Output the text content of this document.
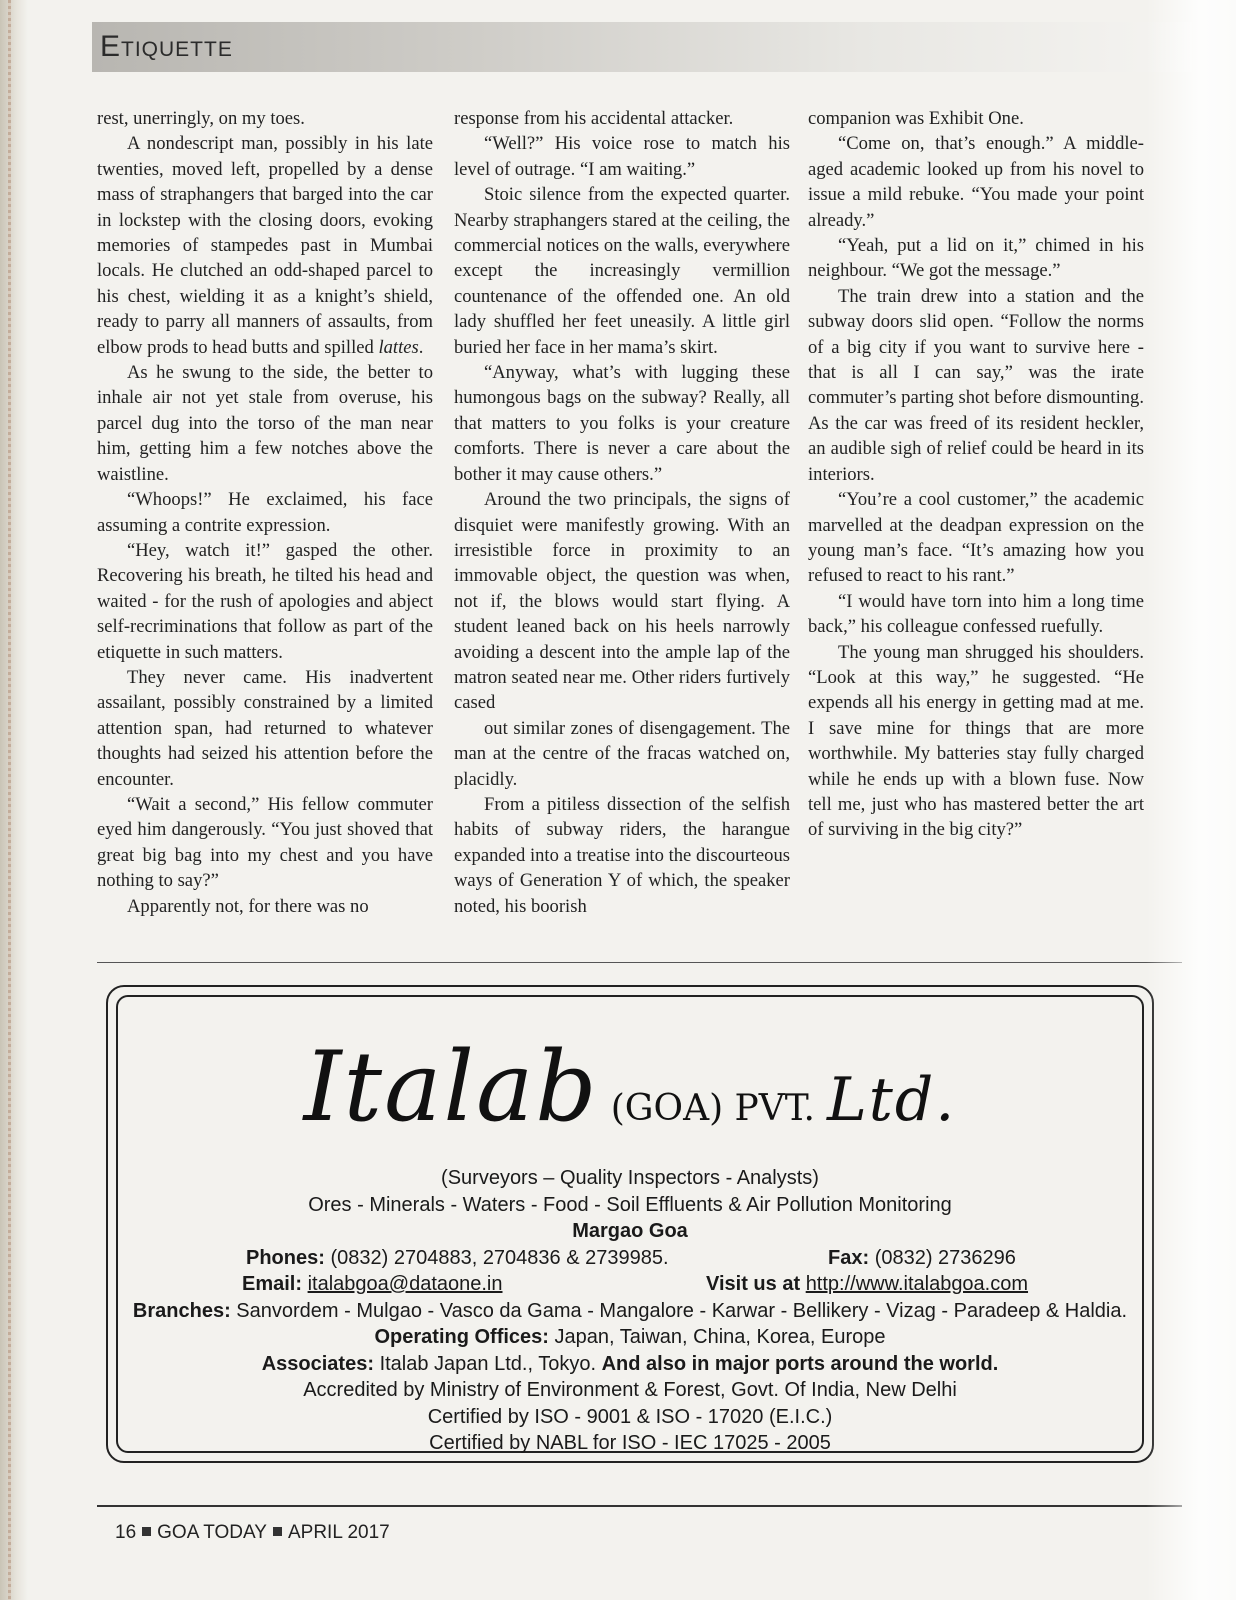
Etiquette

rest, unerringly, on my toes.

A nondescript man, possibly in his late twenties, moved left, propelled by a dense mass of straphangers that barged into the car in lockstep with the closing doors, evoking memories of stampedes past in Mumbai locals. He clutched an odd-shaped parcel to his chest, wielding it as a knight’s shield, ready to parry all manners of assaults, from elbow prods to head butts and spilled lattes.

As he swung to the side, the better to inhale air not yet stale from overuse, his parcel dug into the torso of the man near him, getting him a few notches above the waistline.

“Whoops!” He exclaimed, his face assuming a contrite expression.

“Hey, watch it!” gasped the other. Recovering his breath, he tilted his head and waited - for the rush of apologies and abject self-recriminations that follow as part of the etiquette in such matters.

They never came. His inadvertent assailant, possibly constrained by a limited attention span, had returned to whatever thoughts had seized his attention before the encounter.

“Wait a second,” His fellow commuter eyed him dangerously. “You just shoved that great big bag into my chest and you have nothing to say?”

Apparently not, for there was no

response from his accidental attacker.

“Well?” His voice rose to match his level of outrage. “I am waiting.”

Stoic silence from the expected quarter. Nearby straphangers stared at the ceiling, the commercial notices on the walls, everywhere except the increasingly vermillion countenance of the offended one. An old lady shuffled her feet uneasily. A little girl buried her face in her mama’s skirt.

“Anyway, what’s with lugging these humongous bags on the subway? Really, all that matters to you folks is your creature comforts. There is never a care about the bother it may cause others.”

Around the two principals, the signs of disquiet were manifestly growing. With an irresistible force in proximity to an immovable object, the question was when, not if, the blows would start flying. A student leaned back on his heels narrowly avoiding a descent into the ample lap of the matron seated near me. Other riders furtively cased

out similar zones of disengagement. The man at the centre of the fracas watched on, placidly.

From a pitiless dissection of the selfish habits of subway riders, the harangue expanded into a treatise into the discourteous ways of Generation Y of which, the speaker noted, his boorish

companion was Exhibit One.

“Come on, that’s enough.” A middle-aged academic looked up from his novel to issue a mild rebuke. “You made your point already.”

“Yeah, put a lid on it,” chimed in his neighbour. “We got the message.”

The train drew into a station and the subway doors slid open. “Follow the norms of a big city if you want to survive here - that is all I can say,” was the irate commuter’s parting shot before dismounting. As the car was freed of its resident heckler, an audible sigh of relief could be heard in its interiors.

“You’re a cool customer,” the academic marvelled at the deadpan expression on the young man’s face. “It’s amazing how you refused to react to his rant.”

“I would have torn into him a long time back,” his colleague confessed ruefully.

The young man shrugged his shoulders. “Look at this way,” he suggested. “He expends all his energy in getting mad at me. I save mine for things that are more worthwhile. My batteries stay fully charged while he ends up with a blown fuse. Now tell me, just who has mastered better the art of surviving in the big city?”

Italab (GOA) PVT. Ltd.
(Surveyors – Quality Inspectors - Analysts)
Ores - Minerals - Waters - Food - Soil Effluents & Air Pollution Monitoring
Margao Goa
Phones: (0832) 2704883, 2704836 & 2739985.	Fax: (0832) 2736296
Email: italabgoa@dataone.in	Visit us at http://www.italabgoa.com
Branches: Sanvordem - Mulgao - Vasco da Gama - Mangalore - Karwar - Bellikery - Vizag - Paradeep & Haldia.
Operating Offices: Japan, Taiwan, China, Korea, Europe
Associates: Italab Japan Ltd., Tokyo. And also in major ports around the world.
Accredited by Ministry of Environment & Forest, Govt. Of India, New Delhi
Certified by ISO - 9001 & ISO - 17020 (E.I.C.)
Certified by NABL for ISO - IEC 17025 - 2005
16 GOA TODAY APRIL 2017
